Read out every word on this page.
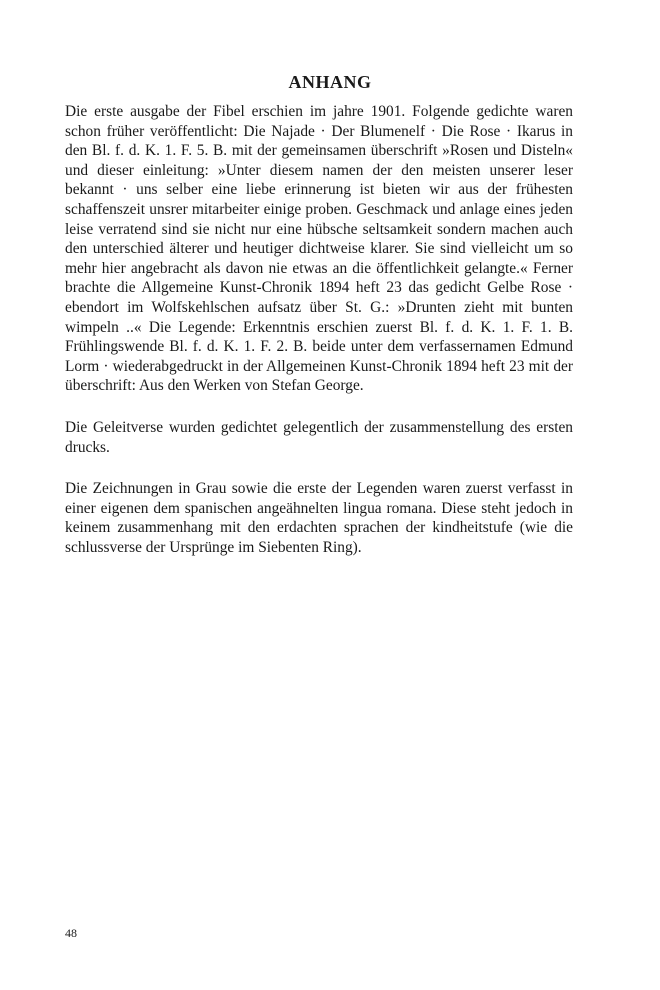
ANHANG

Die erste ausgabe der Fibel erschien im jahre 1901. Folgende gedichte waren schon früher veröffentlicht: Die Najade · Der Blumenelf · Die Rose · Ikarus in den Bl. f. d. K. 1. F. 5. B. mit der gemeinsamen überschrift »Rosen und Disteln« und dieser einleitung: »Unter diesem namen der den meisten unserer leser bekannt · uns selber eine liebe erinnerung ist bieten wir aus der frühesten schaffenszeit unsrer mitarbeiter einige proben. Geschmack und anlage eines jeden leise verratend sind sie nicht nur eine hübsche seltsamkeit sondern machen auch den unterschied älterer und heutiger dichtweise klarer. Sie sind vielleicht um so mehr hier angebracht als davon nie etwas an die öffentlichkeit gelangte.« Ferner brachte die Allgemeine Kunst-Chronik 1894 heft 23 das gedicht Gelbe Rose · ebendort im Wolfskehlschen aufsatz über St. G.: »Drunten zieht mit bunten wimpeln ..« Die Legende: Erkenntnis erschien zuerst Bl. f. d. K. 1. F. 1. B. Frühlingswende Bl. f. d. K. 1. F. 2. B. beide unter dem verfassernamen Edmund Lorm · wiederabgedruckt in der Allgemeinen Kunst-Chronik 1894 heft 23 mit der überschrift: Aus den Werken von Stefan George.

Die Geleitverse wurden gedichtet gelegentlich der zusammenstellung des ersten drucks.

Die Zeichnungen in Grau sowie die erste der Legenden waren zuerst verfasst in einer eigenen dem spanischen angeähnelten lingua romana. Diese steht jedoch in keinem zusammenhang mit den erdachten sprachen der kindheitstufe (wie die schlussverse der Ursprünge im Siebenten Ring).

48
